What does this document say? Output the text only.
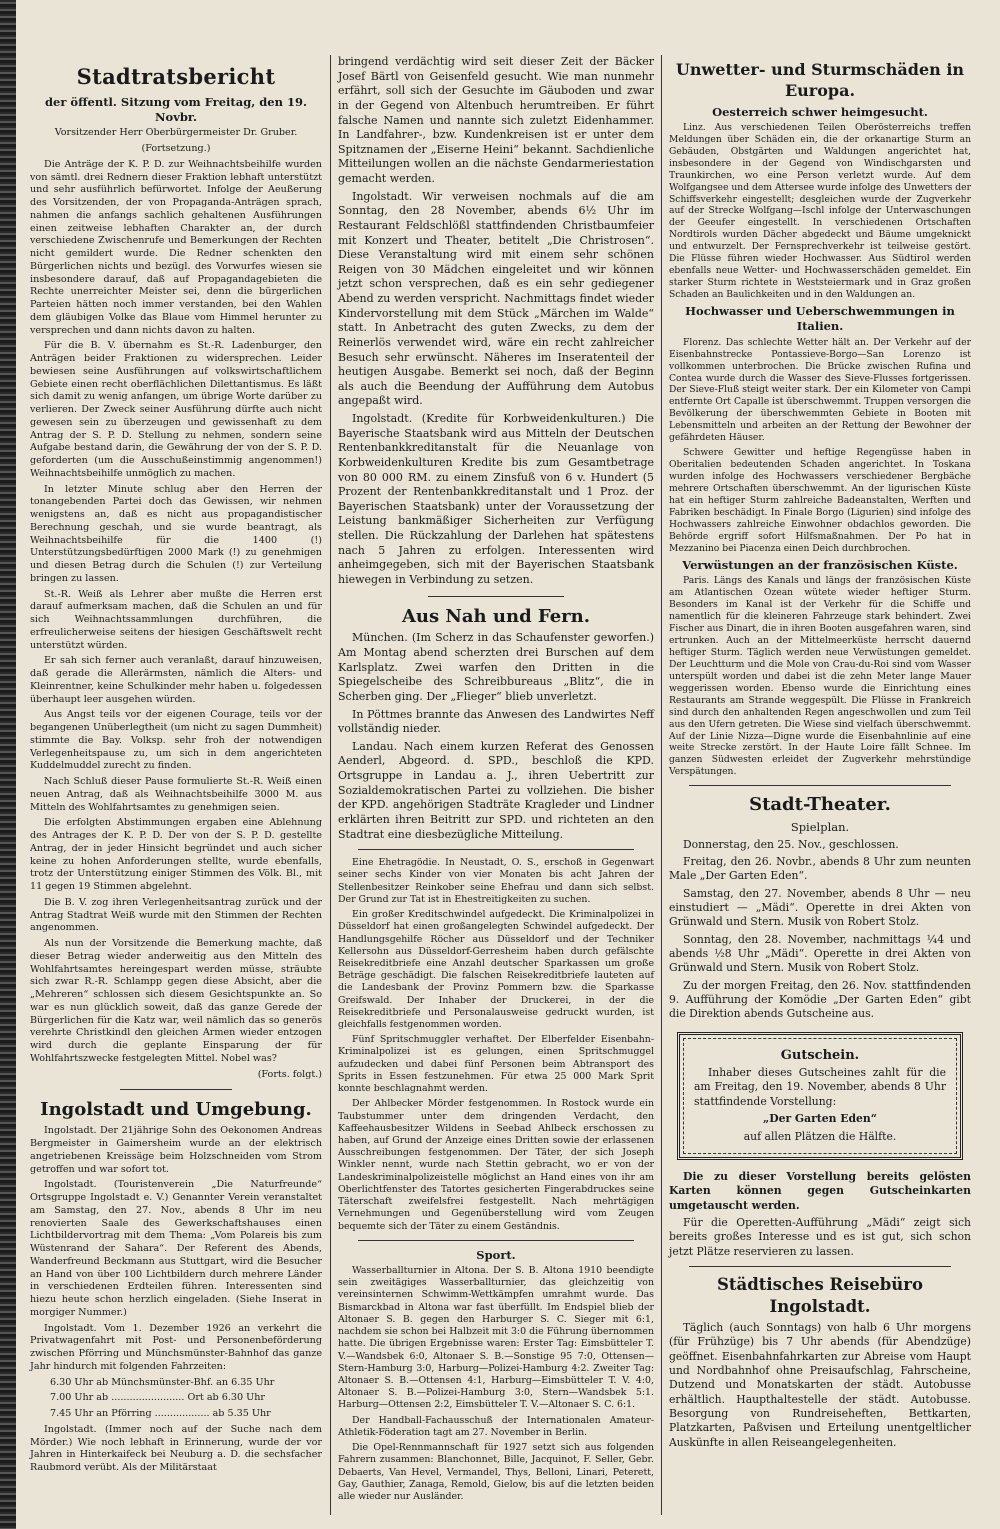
Stadtratsbericht
der öffentl. Sitzung vom Freitag, den 19. Novbr.

Vorsitzender Herr Oberbürgermeister Dr. Gruber.

(Fortsetzung.)

Die Anträge der K. P. D. zur Weihnachtsbeihilfe wurden von sämtl. drei Rednern dieser Fraktion lebhaft unterstützt und sehr ausführlich befürwortet. Infolge der Aeußerung des Vorsitzenden, der von Propaganda-Anträgen sprach, nahmen die anfangs sachlich gehaltenen Ausführungen einen zeitweise lebhaften Charakter an, der durch verschiedene Zwischenrufe und Bemerkungen der Rechten nicht gemildert wurde. Die Redner schenkten den Bürgerlichen nichts und bezügl. des Vorwurfes wiesen sie insbesondere darauf, daß auf Propagandagebieten die Rechte unerreichter Meister sei, denn die bürgerlichen Parteien hätten noch immer verstanden, bei den Wahlen dem gläubigen Volke das Blaue vom Himmel herunter zu versprechen und dann nichts davon zu halten.

Für die B. V. übernahm es St.-R. Ladenburger, den Anträgen beider Fraktionen zu widersprechen. Leider bewiesen seine Ausführungen auf volkswirtschaftlichem Gebiete einen recht oberflächlichen Dilettantismus. Es läßt sich damit zu wenig anfangen, um übrige Worte darüber zu verlieren. Der Zweck seiner Ausführung dürfte auch nicht gewesen sein zu überzeugen und gewissenhaft zu dem Antrag der S. P. D. Stellung zu nehmen, sondern seine Aufgabe bestand darin, die Gewährung der von der S. P. D. geforderten (um die Ausschußeinstimmig angenommen!) Weihnachtsbeihilfe unmöglich zu machen.

In letzter Minute schlug aber den Herren der tonangebenden Partei doch das Gewissen, wir nehmen wenigstens an, daß es nicht aus propagandistischer Berechnung geschah, und sie wurde beantragt, als Weihnachtsbeihilfe für die 1400 (!) Unterstützungsbedürftigen 2000 Mark (!) zu genehmigen und diesen Betrag durch die Schulen (!) zur Verteilung bringen zu lassen.

St.-R. Weiß als Lehrer aber mußte die Herren erst darauf aufmerksam machen, daß die Schulen an und für sich Weihnachtssammlungen durchführen, die erfreulicherweise seitens der hiesigen Geschäftswelt recht unterstützt würden.

Er sah sich ferner auch veranlaßt, darauf hinzuweisen, daß gerade die Allerärmsten, nämlich die Alters- und Kleinrentner, keine Schulkinder mehr haben u. folgedessen überhaupt leer ausgehen würden.

Aus Angst teils vor der eigenen Courage, teils vor der begangenen Unüberlegtheit (um nicht zu sagen Dummheit) stimmte die Bay. Volksp. sehr froh der notwendigen Verlegenheitspause zu, um sich in dem angerichteten Kuddelmuddel zurecht zu finden.

Nach Schluß dieser Pause formulierte St.-R. Weiß einen neuen Antrag, daß als Weihnachtsbeihilfe 3000 M. aus Mitteln des Wohlfahrtsamtes zu genehmigen seien.

Die erfolgten Abstimmungen ergaben eine Ablehnung des Antrages der K. P. D. Der von der S. P. D. gestellte Antrag, der in jeder Hinsicht begründet und auch sicher keine zu hohen Anforderungen stellte, wurde ebenfalls, trotz der Unterstützung einiger Stimmen des Völk. Bl., mit 11 gegen 19 Stimmen abgelehnt.

Die B. V. zog ihren Verlegenheitsantrag zurück und der Antrag Stadtrat Weiß wurde mit den Stimmen der Rechten angenommen.

Als nun der Vorsitzende die Bemerkung machte, daß dieser Betrag wieder anderweitig aus den Mitteln des Wohlfahrtsamtes hereingespart werden müsse, sträubte sich zwar R.-R. Schlampp gegen diese Absicht, aber die „Mehreren“ schlossen sich diesem Gesichtspunkte an. So war es nun glücklich soweit, daß das ganze Gerede der Bürgerlichen für die Katz war, weil nämlich das so generös verehrte Christkindl den gleichen Armen wieder entzogen wird durch die geplante Einsparung der für Wohlfahrtszwecke festgelegten Mittel. Nobel was?

(Forts. folgt.)

Ingolstadt und Umgebung.

Ingolstadt. Der 21jährige Sohn des Oekonomen Andreas Bergmeister in Gaimersheim wurde an der elektrisch angetriebenen Kreissäge beim Holzschneiden vom Strom getroffen und war sofort tot.

Ingolstadt. (Touristenverein „Die Naturfreunde“ Ortsgruppe Ingolstadt e. V.) Genannter Verein veranstaltet am Samstag, den 27. Nov., abends 8 Uhr im neu renovierten Saale des Gewerkschaftshauses einen Lichtbildervortrag mit dem Thema: „Vom Polareis bis zum Wüstenrand der Sahara“. Der Referent des Abends, Wanderfreund Beckmann aus Stuttgart, wird die Besucher an Hand von über 100 Lichtbildern durch mehrere Länder in verschiedenen Erdteilen führen. Interessenten sind hiezu heute schon herzlich eingeladen. (Siehe Inserat in morgiger Nummer.)

Ingolstadt. Vom 1. Dezember 1926 an verkehrt die Privatwagenfahrt mit Post- und Personenbeförderung zwischen Pförring und Münchsmünster-Bahnhof das ganze Jahr hindurch mit folgenden Fahrzeiten:

6.30 Uhr ab Münchsmünster-Bhf. an 6.35 Uhr

7.00 Uhr ab ........................ Ort ab 6.30 Uhr

7.45 Uhr an Pförring .................. ab 5.35 Uhr

Ingolstadt. (Immer noch auf der Suche nach dem Mörder.) Wie noch lebhaft in Erinnerung, wurde der vor Jahren in Hinterkaifeck bei Neuburg a. D. die sechsfacher Raubmord verübt. Als der Militärstaat

bringend verdächtig wird seit dieser Zeit der Bäcker Josef Bärtl von Geisenfeld gesucht. Wie man nunmehr erfährt, soll sich der Gesuchte im Gäuboden und zwar in der Gegend von Altenbuch herumtreiben. Er führt falsche Namen und nannte sich zuletzt Eidenhammer. In Landfahrer-, bzw. Kundenkreisen ist er unter dem Spitznamen der „Eiserne Heini“ bekannt. Sachdienliche Mitteilungen wollen an die nächste Gendarmeriestation gemacht werden.

Ingolstadt. Wir verweisen nochmals auf die am Sonntag, den 28 November, abends 6½ Uhr im Restaurant Feldschlößl stattfindenden Christbaumfeier mit Konzert und Theater, betitelt „Die Christrosen“. Diese Veranstaltung wird mit einem sehr schönen Reigen von 30 Mädchen eingeleitet und wir können jetzt schon versprechen, daß es ein sehr gediegener Abend zu werden verspricht. Nachmittags findet wieder Kindervorstellung mit dem Stück „Märchen im Walde“ statt. In Anbetracht des guten Zwecks, zu dem der Reinerlös verwendet wird, wäre ein recht zahlreicher Besuch sehr erwünscht. Näheres im Inseratenteil der heutigen Ausgabe. Bemerkt sei noch, daß der Beginn als auch die Beendung der Aufführung dem Autobus angepaßt wird.

Ingolstadt. (Kredite für Korbweidenkulturen.) Die Bayerische Staatsbank wird aus Mitteln der Deutschen Rentenbankkreditanstalt für die Neuanlage von Korbweidenkulturen Kredite bis zum Gesamtbetrage von 80 000 RM. zu einem Zinsfuß von 6 v. Hundert (5 Prozent der Rentenbankkreditanstalt und 1 Proz. der Bayerischen Staatsbank) unter der Voraussetzung der Leistung bankmäßiger Sicherheiten zur Verfügung stellen. Die Rückzahlung der Darlehen hat spätestens nach 5 Jahren zu erfolgen. Interessenten wird anheimgegeben, sich mit der Bayerischen Staatsbank hiewegen in Verbindung zu setzen.

Aus Nah und Fern.

München. (Im Scherz in das Schaufenster geworfen.) Am Montag abend scherzten drei Burschen auf dem Karlsplatz. Zwei warfen den Dritten in die Spiegelscheibe des Schreibbureaus „Blitz“, die in Scherben ging. Der „Flieger“ blieb unverletzt.

In Pöttmes brannte das Anwesen des Landwirtes Neff vollständig nieder.

Landau. Nach einem kurzen Referat des Genossen Aenderl, Abgeord. d. SPD., beschloß die KPD. Ortsgruppe in Landau a. J., ihren Uebertritt zur Sozialdemokratischen Partei zu vollziehen. Die bisher der KPD. angehörigen Stadträte Kragleder und Lindner erklärten ihren Beitritt zur SPD. und richteten an den Stadtrat eine diesbezügliche Mitteilung.

Eine Ehetragödie. In Neustadt, O. S., erschoß in Gegenwart seiner sechs Kinder von vier Monaten bis acht Jahren der Stellenbesitzer Reinkober seine Ehefrau und dann sich selbst. Der Grund zur Tat ist in Ehestreitigkeiten zu suchen.

Ein großer Kreditschwindel aufgedeckt. Die Kriminalpolizei in Düsseldorf hat einen großangelegten Schwindel aufgedeckt. Der Handlungsgehilfe Röcher aus Düsseldorf und der Techniker Kellersohn aus Düsseldorf-Gerresheim haben durch gefälschte Reisekreditbriefe eine Anzahl deutscher Sparkassen um große Beträge geschädigt. Die falschen Reisekreditbriefe lauteten auf die Landesbank der Provinz Pommern bzw. die Sparkasse Greifswald. Der Inhaber der Druckerei, in der die Reisekreditbriefe und Personalausweise gedruckt wurden, ist gleichfalls festgenommen worden.

Fünf Spritschmuggler verhaftet. Der Elberfelder Eisenbahn-Kriminalpolizei ist es gelungen, einen Spritschmuggel aufzudecken und dabei fünf Personen beim Abtransport des Sprits in Essen festzunehmen. Für etwa 25 000 Mark Sprit konnte beschlagnahmt werden.

Der Ahlbecker Mörder festgenommen. In Rostock wurde ein Taubstummer unter dem dringenden Verdacht, den Kaffeehausbesitzer Wildens in Seebad Ahlbeck erschossen zu haben, auf Grund der Anzeige eines Dritten sowie der erlassenen Ausschreibungen festgenommen. Der Täter, der sich Joseph Winkler nennt, wurde nach Stettin gebracht, wo er von der Landeskriminalpolizeistelle möglichst an Hand eines von ihr am Oberlichtfenster des Tatortes gesicherten Fingerabdruckes seine Täterschaft zweifelsfrei festgestellt. Nach mehrtägigen Vernehmungen und Gegenüberstellung wird vom Zeugen bequemte sich der Täter zu einem Geständnis.

Sport.

Wasserballturnier in Altona. Der S. B. Altona 1910 beendigte sein zweitägiges Wasserballturnier, das gleichzeitig von vereinsinternen Schwimm-Wettkämpfen umrahmt wurde. Das Bismarckbad in Altona war fast überfüllt. Im Endspiel blieb der Altonaer S. B. gegen den Harburger S. C. Sieger mit 6:1, nachdem sie schon bei Halbzeit mit 3:0 die Führung übernommen hatte. Die übrigen Ergebnisse waren: Erster Tag: Eimsbütteler T. V.—Wandsbek 6:0, Altonaer S. B.—Sonstige 95 7:0, Ottensen—Stern-Hamburg 3:0, Harburg—Polizei-Hamburg 4:2. Zweiter Tag: Altonaer S. B.—Ottensen 4:1, Harburg—Eimsbütteler T. V. 4:0, Altonaer S. B.—Polizei-Hamburg 3:0, Stern—Wandsbek 5:1. Harburg—Ottensen 2:2, Eimsbütteler T. V.—Altonaer S. C. 6:1.

Der Handball-Fachausschuß der Internationalen Amateur-Athletik-Föderation tagt am 27. November in Berlin.

Die Opel-Rennmannschaft für 1927 setzt sich aus folgenden Fahrern zusammen: Blanchonnet, Bille, Jacquinot, F. Seller, Gebr. Debaerts, Van Hevel, Vermandel, Thys, Belloni, Linari, Peterett, Gay, Gauthier, Zanaga, Remold, Gielow, bis auf die letzten beiden alle wieder nur Ausländer.

Unwetter- und Sturmschäden in Europa.
Oesterreich schwer heimgesucht.

Linz. Aus verschiedenen Teilen Oberösterreichs treffen Meldungen über Schäden ein, die der orkanartige Sturm an Gebäuden, Obstgärten und Waldungen angerichtet hat, insbesondere in der Gegend von Windischgarsten und Traunkirchen, wo eine Person verletzt wurde. Auf dem Wolfgangsee und dem Attersee wurde infolge des Unwetters der Schiffsverkehr eingestellt; desgleichen wurde der Zugverkehr auf der Strecke Wolfgang—Ischl infolge der Unterwaschungen der Geeufer eingestellt. In verschiedenen Ortschaften Nordtirols wurden Dächer abgedeckt und Bäume umgeknickt und entwurzelt. Der Fernsprechverkehr ist teilweise gestört. Die Flüsse führen wieder Hochwasser. Aus Südtirol werden ebenfalls neue Wetter- und Hochwasserschäden gemeldet. Ein starker Sturm richtete in Weststeiermark und in Graz großen Schaden an Baulichkeiten und in den Waldungen an.

Hochwasser und Ueberschwemmungen in Italien.

Florenz. Das schlechte Wetter hält an. Der Verkehr auf der Eisenbahnstrecke Pontassieve-Borgo—San Lorenzo ist vollkommen unterbrochen. Die Brücke zwischen Rufina und Contea wurde durch die Wasser des Sieve-Flusses fortgerissen. Der Sieve-Fluß steigt weiter stark. Der ein Kilometer von Campi entfernte Ort Capalle ist überschwemmt. Truppen versorgen die Bevölkerung der überschwemmten Gebiete in Booten mit Lebensmitteln und arbeiten an der Rettung der Bewohner der gefährdeten Häuser.

Schwere Gewitter und heftige Regengüsse haben in Oberitalien bedeutenden Schaden angerichtet. In Toskana wurden infolge des Hochwassers verschiedener Bergbäche mehrere Ortschaften überschwemmt. An der ligurischen Küste hat ein heftiger Sturm zahlreiche Badeanstalten, Werften und Fabriken beschädigt. In Finale Borgo (Ligurien) sind infolge des Hochwassers zahlreiche Einwohner obdachlos geworden. Die Behörde ergriff sofort Hilfsmaßnahmen. Der Po hat in Mezzanino bei Piacenza einen Deich durchbrochen.

Verwüstungen an der französischen Küste.

Paris. Längs des Kanals und längs der französischen Küste am Atlantischen Ozean wütete wieder heftiger Sturm. Besonders im Kanal ist der Verkehr für die Schiffe und namentlich für die kleineren Fahrzeuge stark behindert. Zwei Fischer aus Dinart, die in ihren Booten ausgefahren waren, sind ertrunken. Auch an der Mittelmeerküste herrscht dauernd heftiger Sturm. Täglich werden neue Verwüstungen gemeldet. Der Leuchtturm und die Mole von Crau-du-Roi sind vom Wasser unterspült worden und dabei ist die zehn Meter lange Mauer weggerissen worden. Ebenso wurde die Einrichtung eines Restaurants am Strande weggespült. Die Flüsse in Frankreich sind durch den anhaltenden Regen angeschwollen und zum Teil aus den Ufern getreten. Die Wiese sind vielfach überschwemmt. Auf der Linie Nizza—Digne wurde die Eisenbahnlinie auf eine weite Strecke zerstört. In der Haute Loire fällt Schnee. Im ganzen Südwesten erleidet der Zugverkehr mehrstündige Verspätungen.

Stadt-Theater.
Spielplan.

Donnerstag, den 25. Nov., geschlossen.

Freitag, den 26. Novbr., abends 8 Uhr zum neunten Male „Der Garten Eden“.

Samstag, den 27. November, abends 8 Uhr — neu einstudiert — „Mädi“. Operette in drei Akten von Grünwald und Stern. Musik von Robert Stolz.

Sonntag, den 28. November, nachmittags ¼4 und abends ½8 Uhr „Mädi“. Operette in drei Akten von Grünwald und Stern. Musik von Robert Stolz.

Zu der morgen Freitag, den 26. Nov. stattfindenden 9. Aufführung der Komödie „Der Garten Eden“ gibt die Direktion abends Gutscheine aus.

Gutschein.

Inhaber dieses Gutscheines zahlt für die am Freitag, den 19. November, abends 8 Uhr stattfindende Vorstellung:

„Der Garten Eden“

auf allen Plätzen die Hälfte.

Die zu dieser Vorstellung bereits gelösten Karten können gegen Gutscheinkarten umgetauscht werden.

Für die Operetten-Aufführung „Mädi“ zeigt sich bereits großes Interesse und es ist gut, sich schon jetzt Plätze reservieren zu lassen.

Städtisches Reisebüro Ingolstadt.

Täglich (auch Sonntags) von halb 6 Uhr morgens (für Frühzüge) bis 7 Uhr abends (für Abendzüge) geöffnet. Eisenbahnfahrkarten zur Abreise vom Haupt und Nordbahnhof ohne Preisaufschlag, Fahrscheine, Dutzend und Monatskarten der städt. Autobusse erhältlich. Haupthaltestelle der städt. Autobusse. Besorgung von Rundreiseheften, Bettkarten, Platzkarten, Paßvisen und Erteilung unentgeltlicher Auskünfte in allen Reiseangelegenheiten.
